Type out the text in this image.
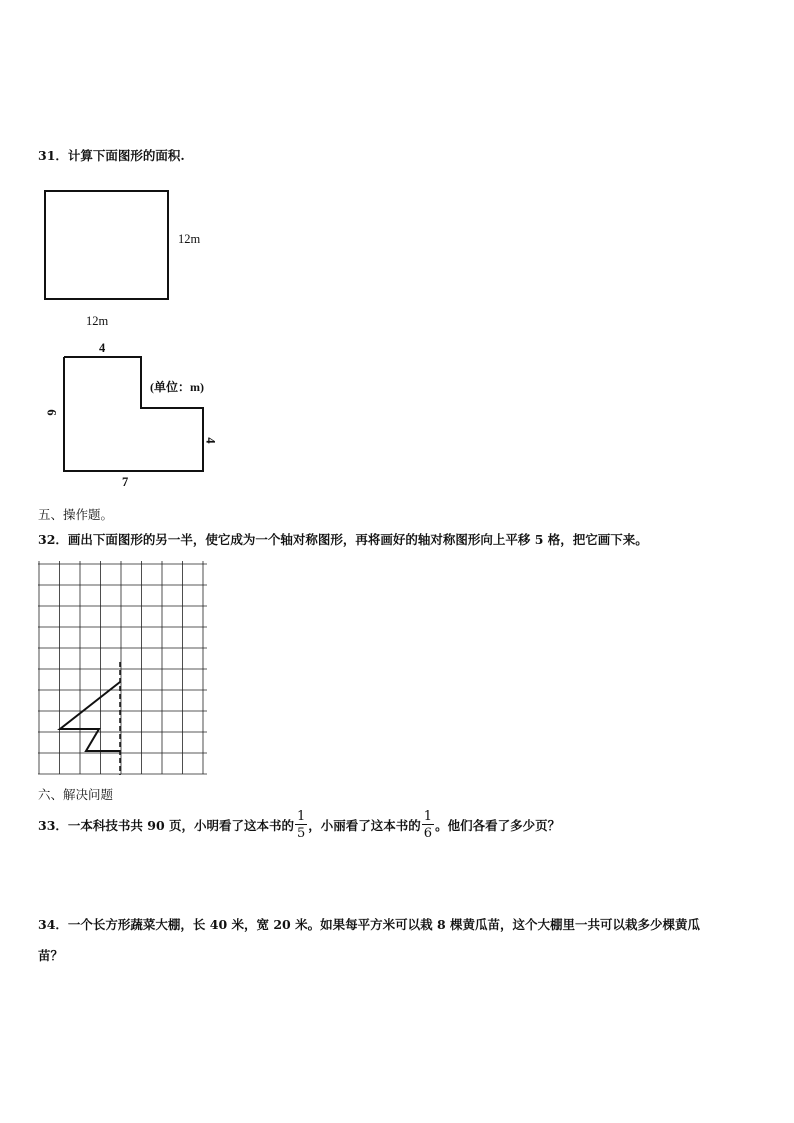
31．计算下面图形的面积.
12m
12m
4
6
(单位：m)
4
7
五、操作题。
32．画出下面图形的另一半，使它成为一个轴对称图形，再将画好的轴对称图形向上平移 5 格，把它画下来。
六、解决问题
33．一本科技书共 90 页，小明看了这本书的 $\frac{1}{5}$ ，小丽看了这本书的 $\frac{1}{6}$ 。他们各看了多少页？
34．一个长方形蔬菜大棚，长 40 米，宽 20 米。如果每平方米可以栽 8 棵黄瓜苗，这个大棚里一共可以栽多少棵黄瓜
苗？
